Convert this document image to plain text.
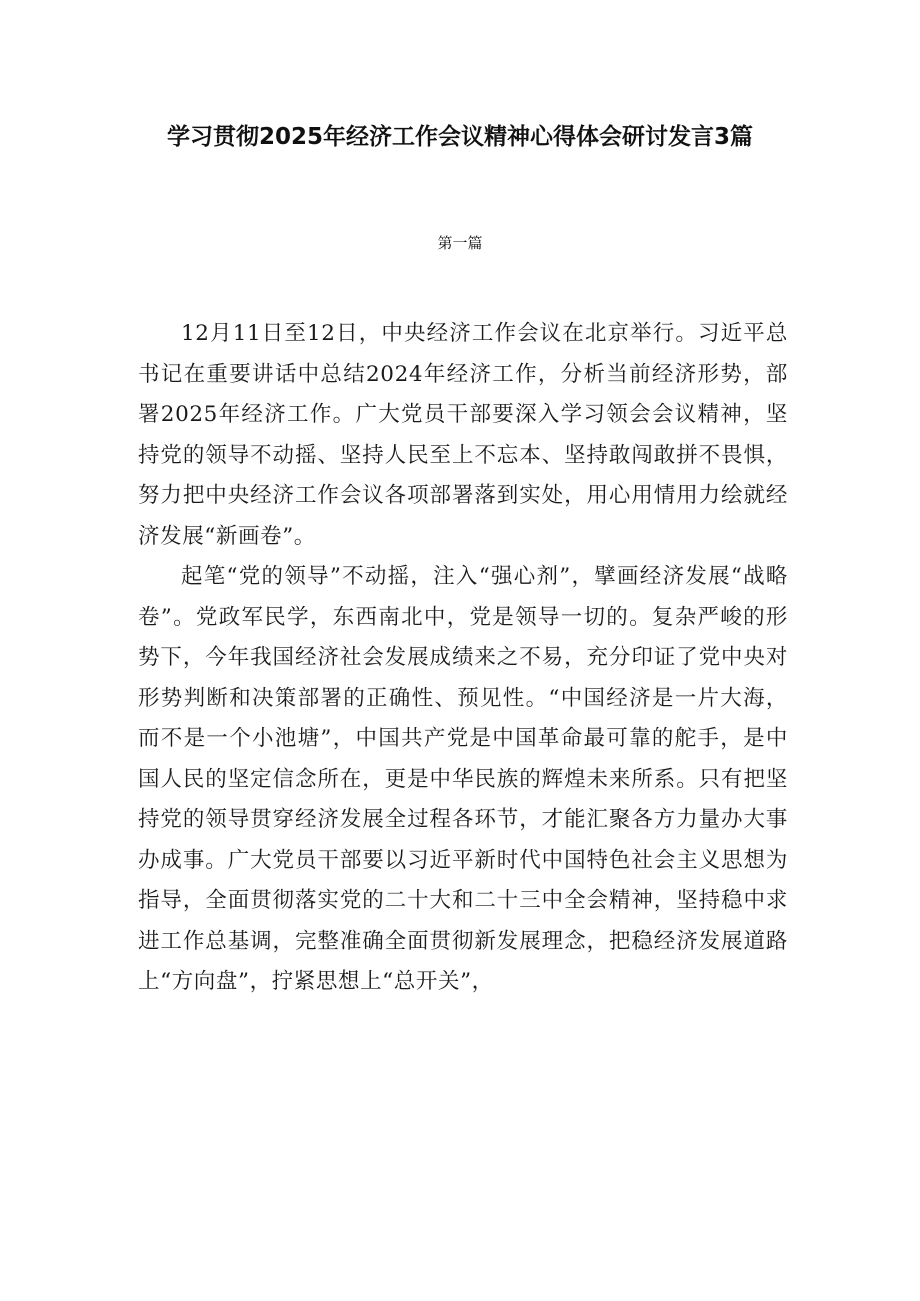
学习贯彻2025年经济工作会议精神心得体会研讨发言3篇
第一篇

12月11日至12日，中央经济工作会议在北京举行。习近平总书记在重要讲话中总结2024年经济工作，分析当前经济形势，部署2025年经济工作。广大党员干部要深入学习领会会议精神，坚持党的领导不动摇、坚持人民至上不忘本、坚持敢闯敢拼不畏惧，努力把中央经济工作会议各项部署落到实处，用心用情用力绘就经济发展“新画卷”。

起笔“党的领导”不动摇，注入“强心剂”，擘画经济发展“战略卷”。党政军民学，东西南北中，党是领导一切的。复杂严峻的形势下，今年我国经济社会发展成绩来之不易，充分印证了党中央对形势判断和决策部署的正确性、预见性。“中国经济是一片大海，而不是一个小池塘”，中国共产党是中国革命最可靠的舵手，是中国人民的坚定信念所在，更是中华民族的辉煌未来所系。只有把坚持党的领导贯穿经济发展全过程各环节，才能汇聚各方力量办大事办成事。广大党员干部要以习近平新时代中国特色社会主义思想为指导，全面贯彻落实党的二十大和二十三中全会精神，坚持稳中求进工作总基调，完整准确全面贯彻新发展理念，把稳经济发展道路上“方向盘”，拧紧思想上“总开关”，
